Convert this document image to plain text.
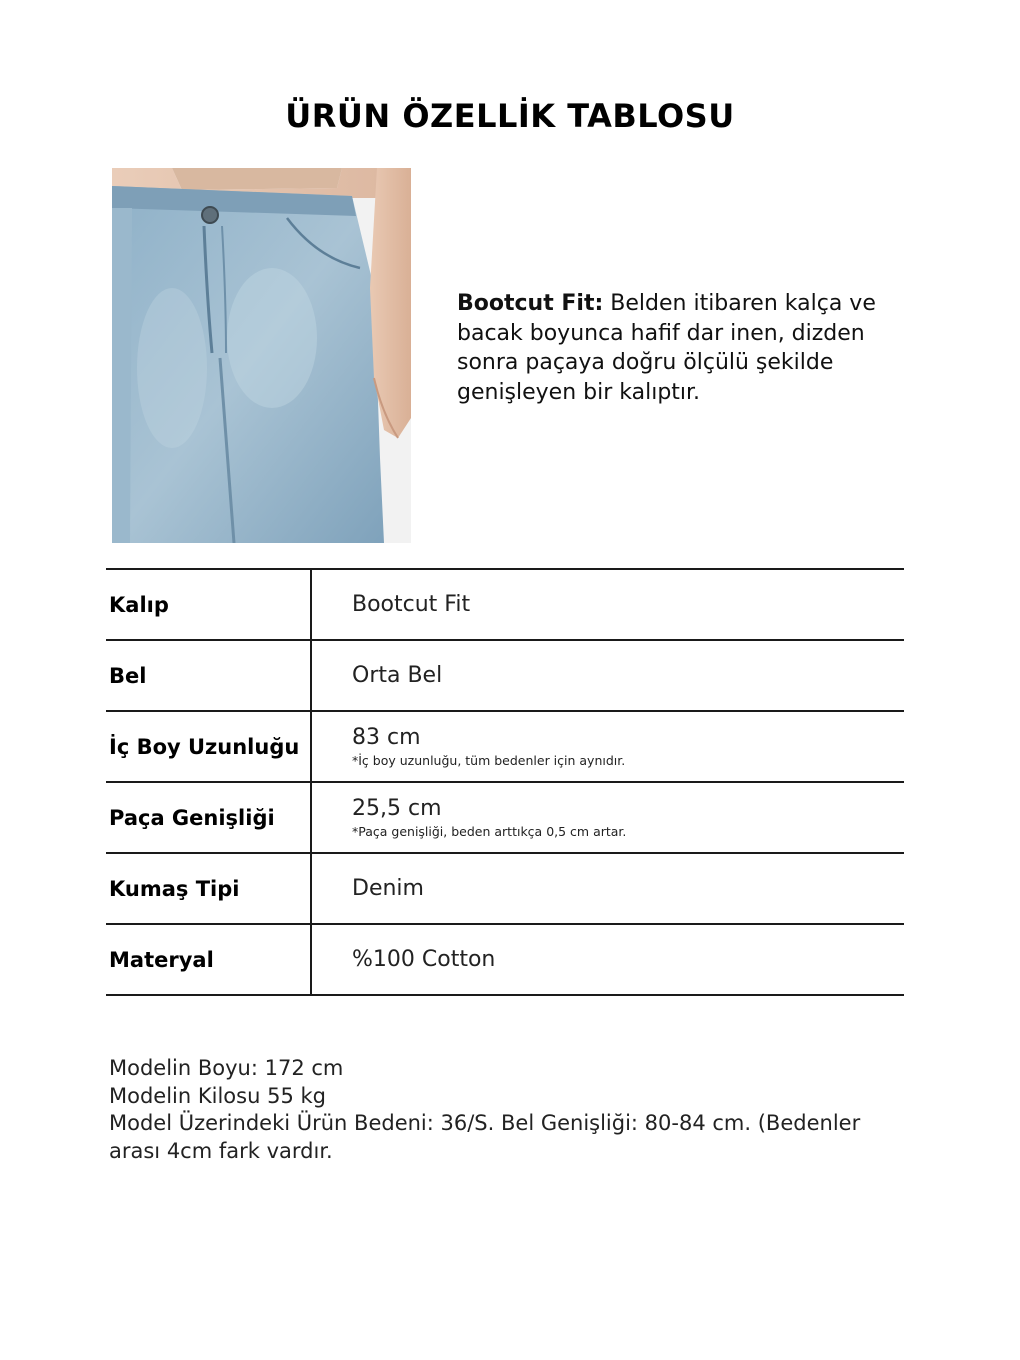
ÜRÜN ÖZELLİK TABLOSU
Bootcut Fit: Belden itibaren kalça ve bacak boyunca hafif dar inen, dizden sonra paçaya doğru ölçülü şekilde genişleyen bir kalıptır.
Kalıp	Bootcut Fit
Bel	Orta Bel
İç Boy Uzunluğu	83 cm
*İç boy uzunluğu, tüm bedenler için aynıdır.

Paça Genişliği	25,5 cm
*Paça genişliği, beden arttıkça 0,5 cm artar.

Kumaş Tipi	Denim
Materyal	%100 Cotton
Modelin Boyu: 172 cm
Modelin Kilosu 55 kg
Model Üzerindeki Ürün Bedeni: 36/S. Bel Genişliği: 80-84 cm. (Bedenler arası 4cm fark vardır.
